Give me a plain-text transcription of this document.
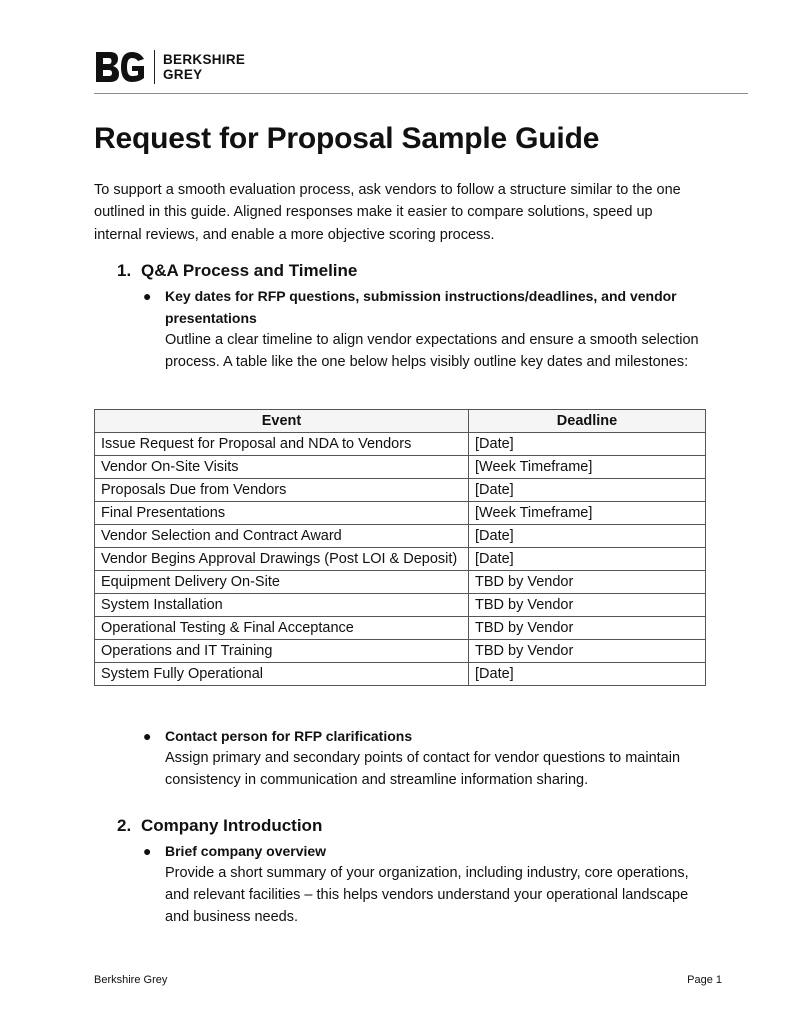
BERKSHIRE
GREY
Request for Proposal Sample Guide

To support a smooth evaluation process, ask vendors to follow a structure similar to the one outlined in this guide. Aligned responses make it easier to compare solutions, speed up internal reviews, and enable a more objective scoring process.

1. Q&A Process and Timeline
● Key dates for RFP questions, submission instructions/deadlines, and vendor presentations
Outline a clear timeline to align vendor expectations and ensure a smooth selection process. A table like the one below helps visibly outline key dates and milestones:
Event	Deadline
Issue Request for Proposal and NDA to Vendors	[Date]
Vendor On-Site Visits	[Week Timeframe]
Proposals Due from Vendors	[Date]
Final Presentations	[Week Timeframe]
Vendor Selection and Contract Award	[Date]
Vendor Begins Approval Drawings (Post LOI & Deposit)	[Date]
Equipment Delivery On-Site	TBD by Vendor
System Installation	TBD by Vendor
Operational Testing & Final Acceptance	TBD by Vendor
Operations and IT Training	TBD by Vendor
System Fully Operational	[Date]
● Contact person for RFP clarifications
Assign primary and secondary points of contact for vendor questions to maintain consistency in communication and streamline information sharing.
2. Company Introduction
● Brief company overview
Provide a short summary of your organization, including industry, core operations, and relevant facilities – this helps vendors understand your operational landscape and business needs.
Berkshire Grey	Page 1
